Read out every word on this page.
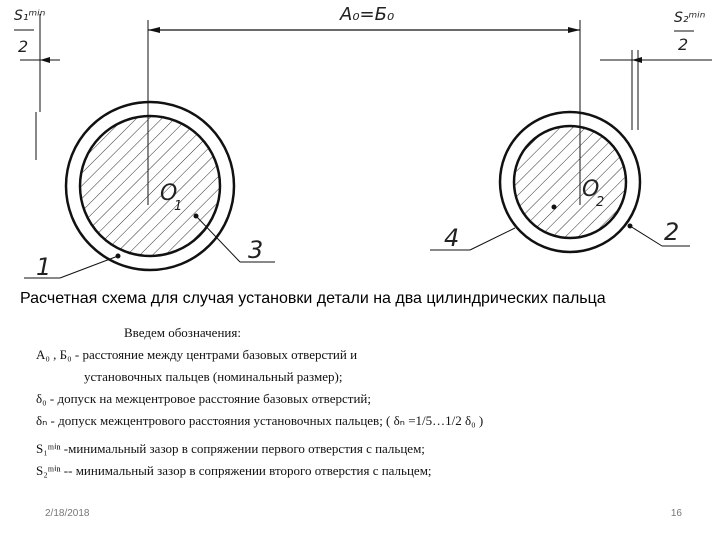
А₀=Б₀
S₁ᵐⁱⁿ
2
S₂ᵐⁱⁿ
2
O
1
O
2
1
2
3	4
Расчетная схема для случая установки детали на два цилиндрических пальца
Введем обозначения:
А₀ , Б₀ - расстояние между центрами базовых отверстий и
установочных пальцев (номинальный размер);
δ₀ - допуск на межцентровое расстояние базовых отверстий;
δₙ - допуск межцентрового расстояния установочных пальцев; ( δₙ =1/5…1/2 δ₀ )
S₁ᵐⁱⁿ -минимальный зазор в сопряжении первого отверстия с пальцем;
S₂ᵐⁱⁿ -- минимальный зазор в сопряжении второго отверстия с пальцем;
2/18/2018	16
